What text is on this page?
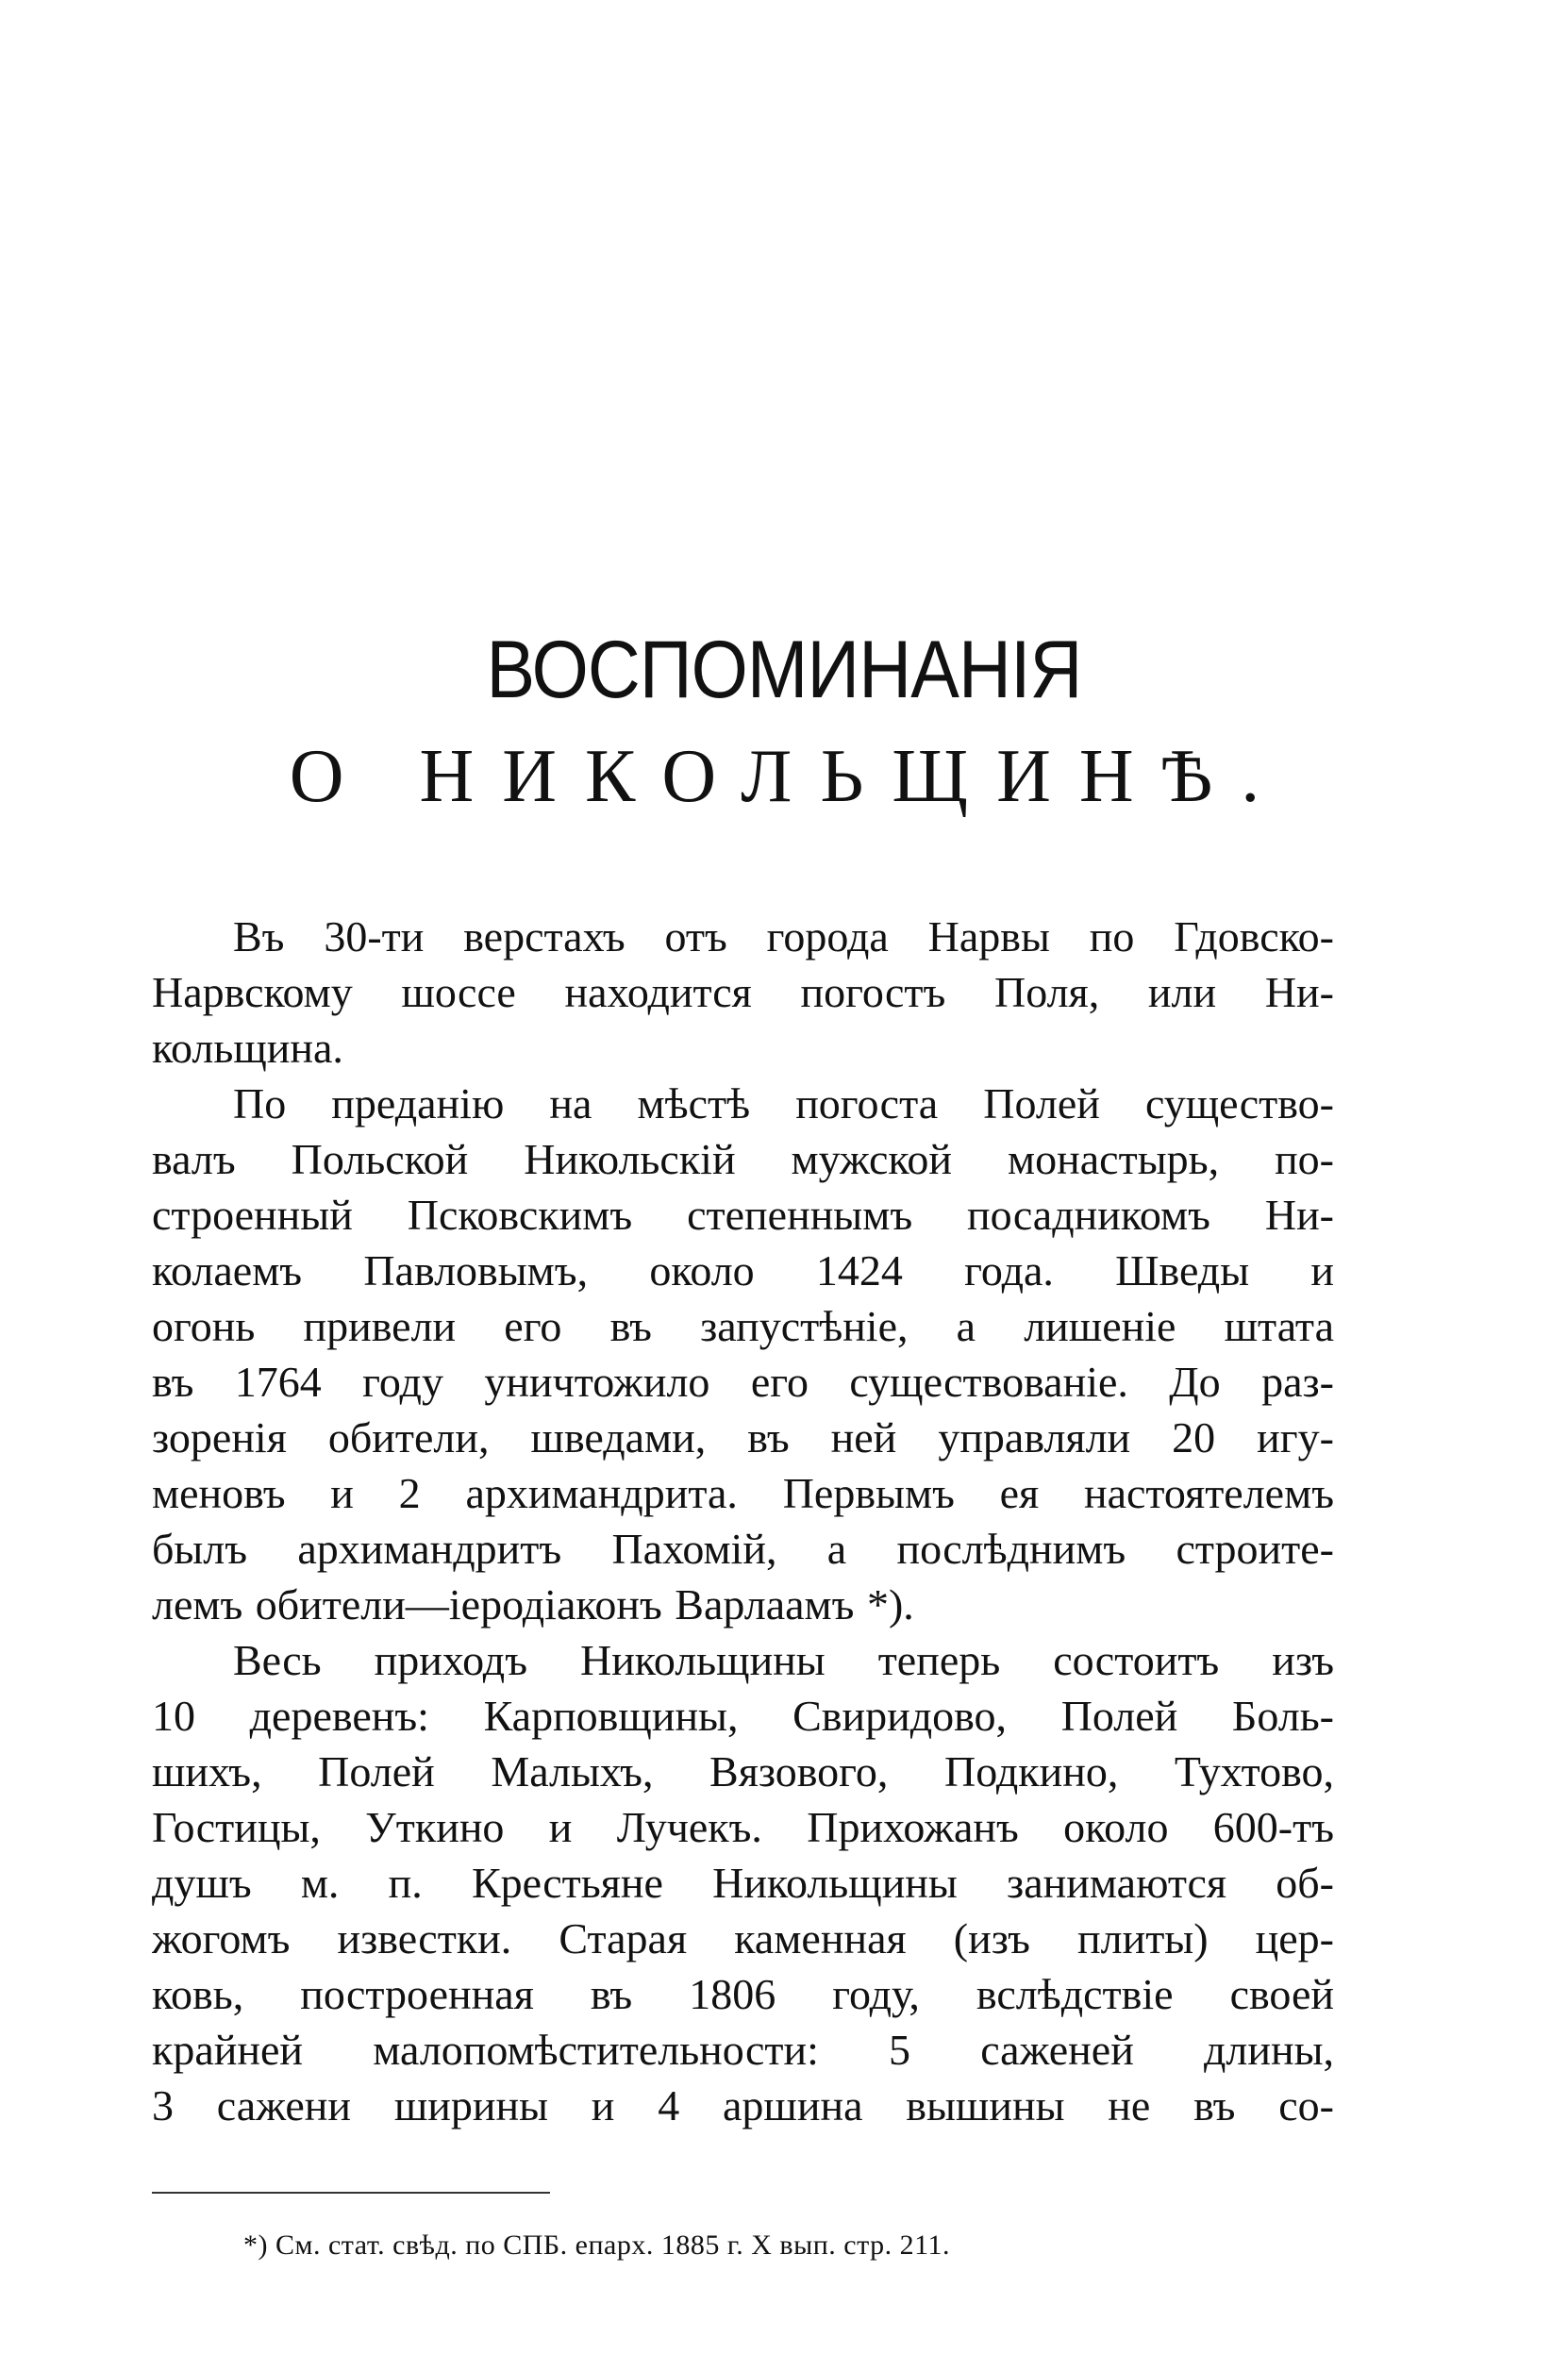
ВОСПОМИНАНІЯ
О НИКОЛЬЩИНѢ.
Въ 30-ти верстахъ отъ города Нарвы по Гдовско-
Нарвскому шоссе находится погостъ Поля, или Ни-
кольщина.
По преданію на мѣстѣ погоста Полей существо-
валъ Польской Никольскій мужской монастырь, по-
строенный Псковскимъ степеннымъ посадникомъ Ни-
колаемъ Павловымъ, около 1424 года. Шведы и
огонь привели его въ запустѣніе, а лишеніе штата
въ 1764 году уничтожило его существованіе. До раз-
зоренія обители, шведами, въ ней управляли 20 игу-
меновъ и 2 архимандрита. Первымъ ея настоятелемъ
былъ архимандритъ Пахомій, а послѣднимъ строите-
лемъ обители—іеродіаконъ Варлаамъ *).
Весь приходъ Никольщины теперь состоитъ изъ
10 деревенъ: Карповщины, Свиридово, Полей Боль-
шихъ, Полей Малыхъ, Вязового, Подкино, Тухтово,
Гостицы, Уткино и Лучекъ. Прихожанъ около 600-тъ
душъ м. п. Крестьяне Никольщины занимаются об-
жогомъ известки. Старая каменная (изъ плиты) цер-
ковь, построенная въ 1806 году, вслѣдствіе своей
крайней малопомѣстительности: 5 саженей длины,
3 сажени ширины и 4 аршина вышины не въ со-
*) См. стат. свѣд. по СПБ. епарх. 1885 г. X вып. стр. 211.
